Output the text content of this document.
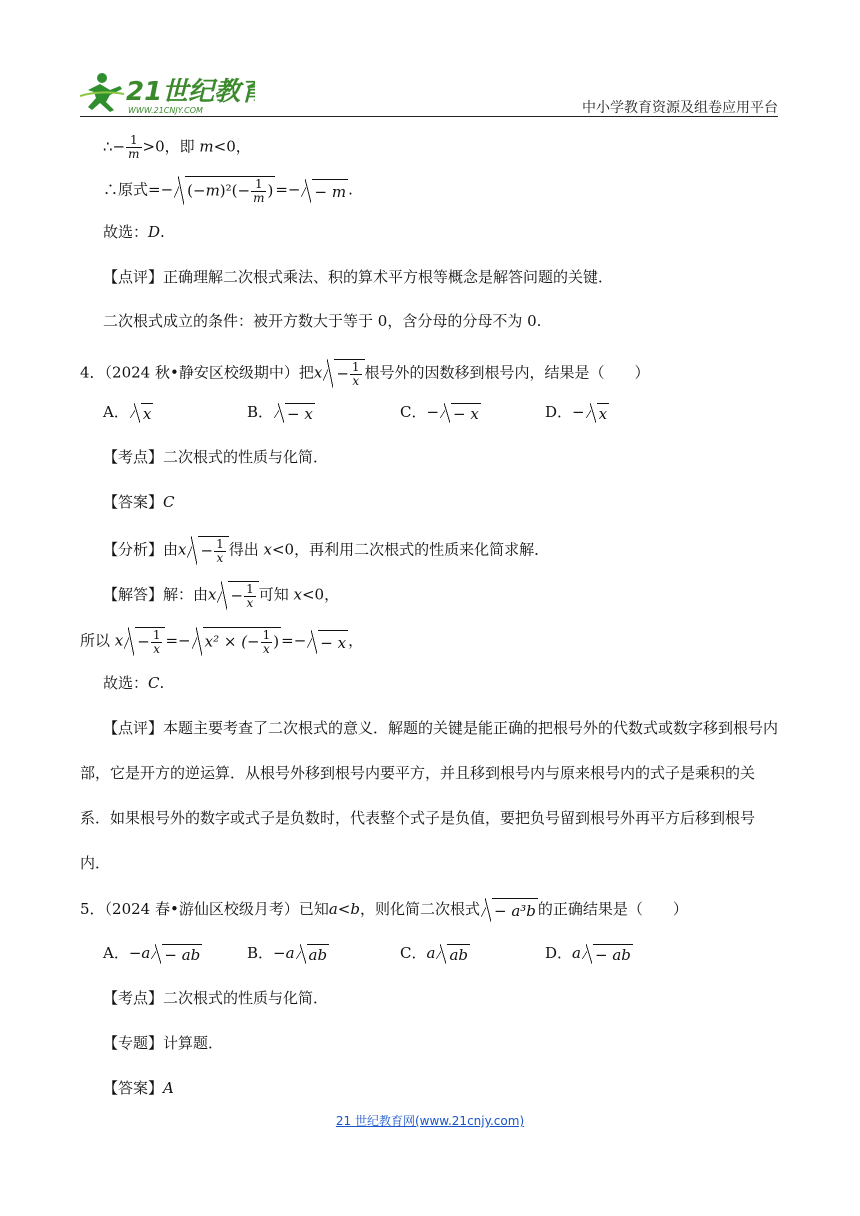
21世纪教育
WWW.21CNJY.COM	中小学教育资源及组卷应用平台
∴− $\frac{1}{m} >0$，即 m<0，
∴原式=− $(-m)^2(- \frac{1}{m}$ ) =− − m .
故选：D.
【点评】正确理解二次根式乘法、积的算术平方根等概念是解答问题的关键．
二次根式成立的条件：被开方数大于等于 0，含分母的分母不为 0.
4．（2024 秋•静安区校级期中）把$x - \frac{1}{x}$ 根号外的因数移到根号内，结果是（　　）
A． x	B． − x	C．− − x	D．− x
【考点】二次根式的性质与化简．
【答案】C
【分析】由$x - \frac{1}{x}$ 得出 x<0，再利用二次根式的性质来化简求解．
【解答】解：由$x - \frac{1}{x}$ 可知 x<0，
所以 $x - \frac{1}{x} =- x^2$ × (− $\frac{1}{x}$ ) =− − x ，
故选：C.
【点评】本题主要考查了二次根式的意义．解题的关键是能正确的把根号外的代数式或数字移到根号内
部，它是开方的逆运算．从根号外移到根号内要平方，并且移到根号内与原来根号内的式子是乘积的关
系．如果根号外的数字或式子是负数时，代表整个式子是负值，要把负号留到根号外再平方后移到根号
内．
5．（2024 春•游仙区校级月考）已知a<b，则化简二次根式 − a³b 的正确结果是（　　）
A．−a − ab	B．−a ab	C．a ab	D．a − ab
【考点】二次根式的性质与化简．
【专题】计算题．
【答案】A
21 世纪教育网(www.21cnjy.com)
